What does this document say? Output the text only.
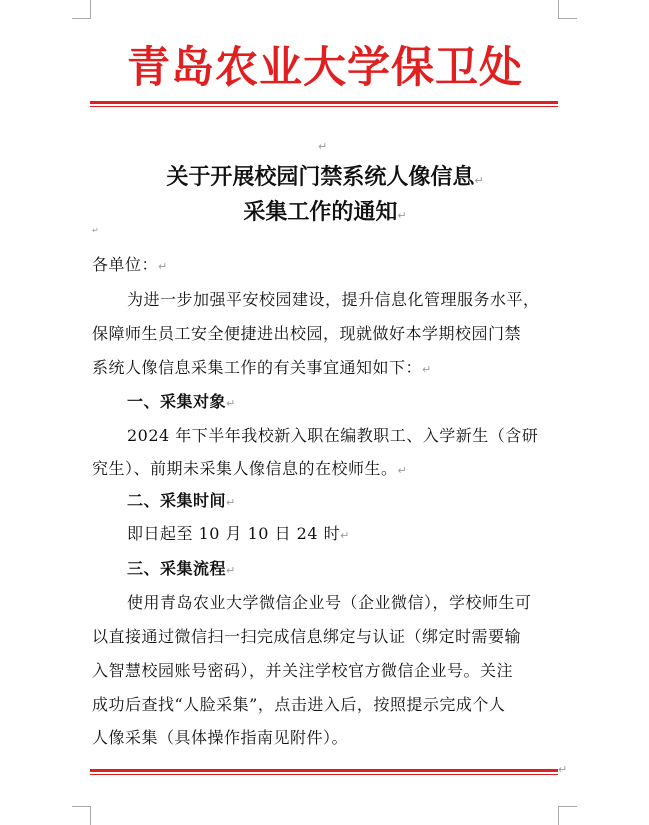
青岛农业大学保卫处
↵
关于开展校园门禁系统人像信息↵
采集工作的通知↵
↵
各单位：↵
为进一步加强平安校园建设，提升信息化管理服务水平，
保障师生员工安全便捷进出校园，现就做好本学期校园门禁
系统人像信息采集工作的有关事宜通知如下：↵
一、采集对象↵
2024 年下半年我校新入职在编教职工、入学新生（含研
究生）、前期未采集人像信息的在校师生。↵
二、采集时间↵
即日起至 10 月 10 日 24 时↵
三、采集流程↵
使用青岛农业大学微信企业号（企业微信），学校师生可
以直接通过微信扫一扫完成信息绑定与认证（绑定时需要输
入智慧校园账号密码），并关注学校官方微信企业号。关注
成功后查找“人脸采集”，点击进入后，按照提示完成个人
人像采集（具体操作指南见附件）。
↵
